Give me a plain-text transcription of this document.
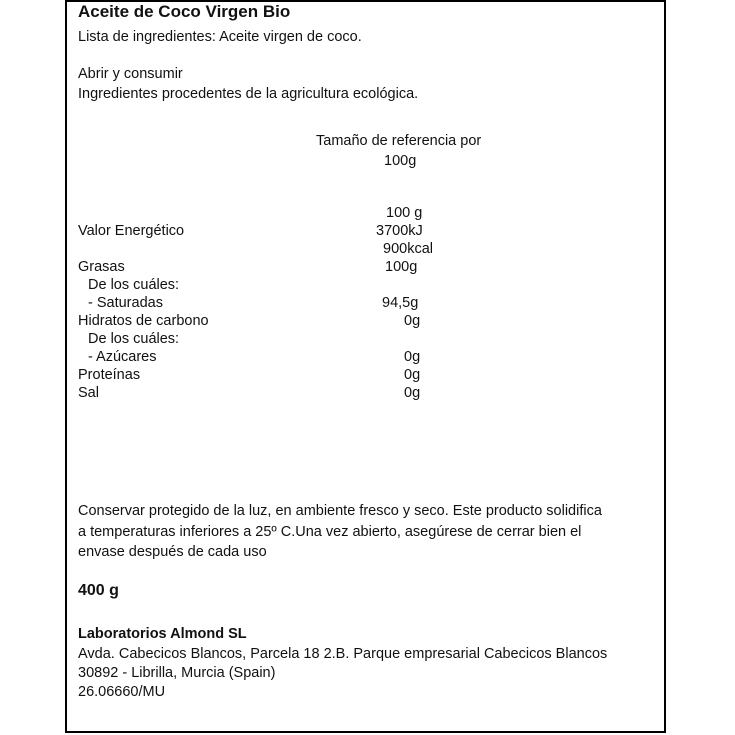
Aceite de Coco Virgen Bio
Lista de ingredientes: Aceite virgen de coco.
Abrir y consumir
Ingredientes procedentes de la agricultura ecológica.
Tamaño de referencia por
100g
100 g
Valor Energético	3700kJ
900kcal
Grasas	100g
De los cuáles:
- Saturadas	94,5g
Hidratos de carbono	0g
De los cuáles:
- Azúcares	0g
Proteínas	0g
Sal	0g
Conservar protegido de la luz, en ambiente fresco y seco. Este producto solidifica
a temperaturas inferiores a 25º C.Una vez abierto, asegúrese de cerrar bien el
envase después de cada uso
400 g
Laboratorios Almond SL
Avda. Cabecicos Blancos, Parcela 18 2.B. Parque empresarial Cabecicos Blancos
30892 - Librilla, Murcia (Spain)
26.06660/MU
